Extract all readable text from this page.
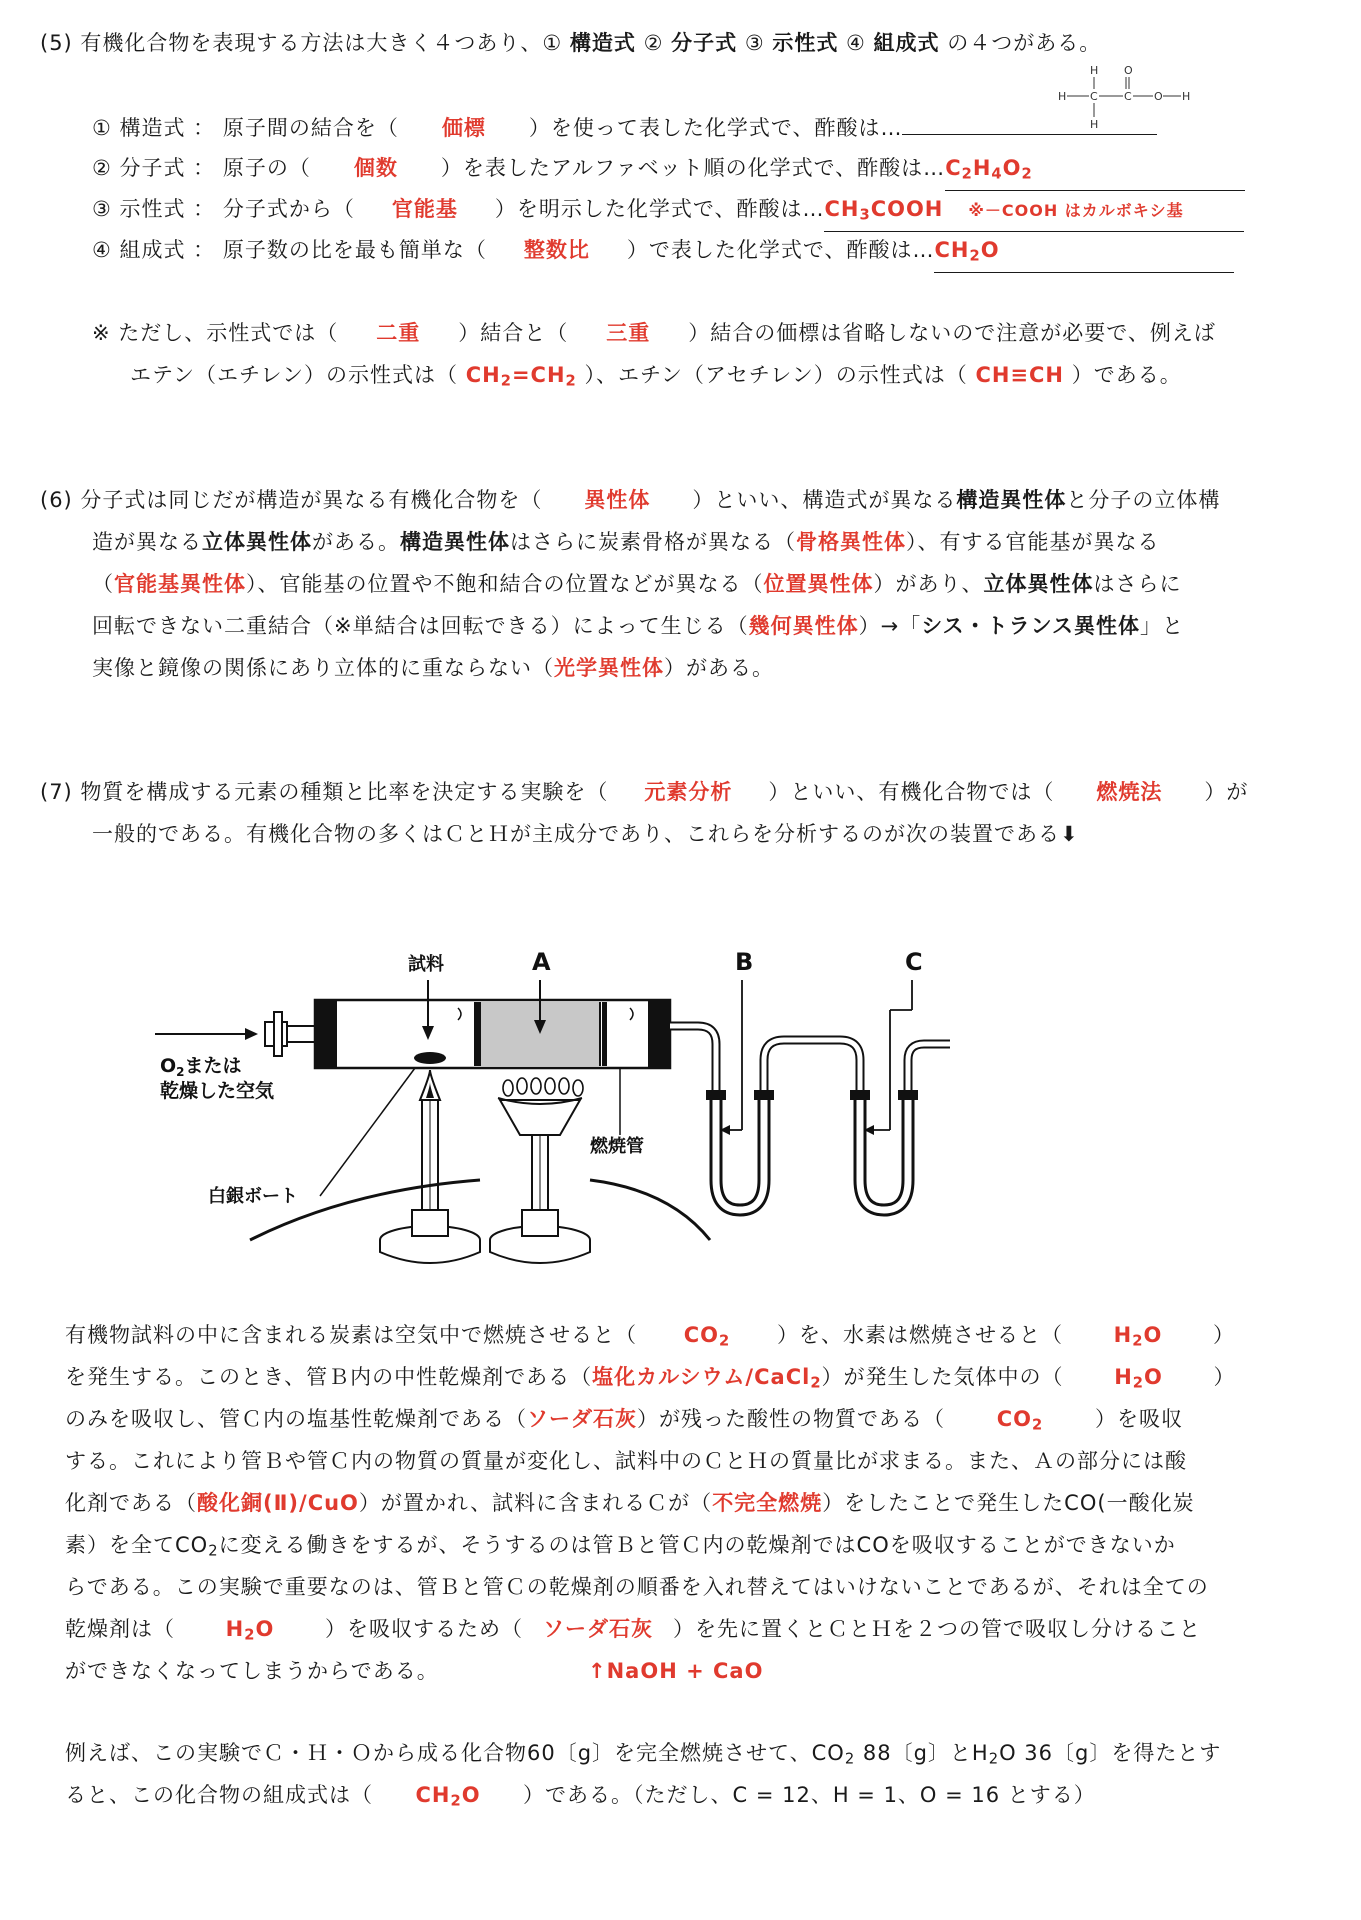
(5) 有機化合物を表現する方法は大きく４つあり、① 構造式 ② 分子式 ③ 示性式 ④ 組成式 の４つがある。
H O
H C C O H
H
① 構造式 ： 原子間の結合を（ 価標 ）を使って表した化学式で、酢酸は…
② 分子式 ： 原子の（ 個数 ）を表したアルファベット順の化学式で、酢酸は$\dots C_2H_4O_2$
③ 示性式 ： 分子式から（ 官能基 ）を明示した化学式で、酢酸は$\dots CH_3COOH$ ※－COOH はカルボキシ基
④ 組成式 ： 原子数の比を最も簡単な（ 整数比 ）で表した化学式で、酢酸は$\dots CH_2O$
※ ただし、示性式では（ 二重 ）結合と（ 三重 ）結合の価標は省略しないので注意が必要で、例えば
エテン（エチレン）の示性式は（ $CH_2=CH_2$ ）、エチン（アセチレン）の示性式は（ CH≡CH ）である。
(6) 分子式は同じだが構造が異なる有機化合物を（ 異性体 ）といい、構造式が異なる構造異性体と分子の立体構
造が異なる立体異性体がある。構造異性体はさらに炭素骨格が異なる（骨格異性体）、有する官能基が異なる
（官能基異性体）、官能基の位置や不飽和結合の位置などが異なる（位置異性体）があり、立体異性体はさらに
回転できない二重結合（※単結合は回転できる）によって生じる（幾何異性体）→「シス・トランス異性体」と
実像と鏡像の関係にあり立体的に重ならない（光学異性体）がある。
(7) 物質を構成する元素の種類と比率を決定する実験を（ 元素分析 ）といい、有機化合物では（ 燃焼法 ）が
一般的である。有機化合物の多くはＣとＨが主成分であり、これらを分析するのが次の装置である⬇
試料	A	B	C
$O_2$または
乾燥した空気
白銀ボート
燃焼管
有機物試料の中に含まれる炭素は空気中で燃焼させると（ $CO_2$ ）を、水素は燃焼させると（ $H_2O$ ）
を発生する。このとき、管Ｂ内の中性乾燥剤である（塩化カルシウム/CaCl$_2$）が発生した気体中の（ $H_2O$ ）
のみを吸収し、管Ｃ内の塩基性乾燥剤である（ソーダ石灰）が残った酸性の物質である（ $CO_2$ ）を吸収
する。これにより管Ｂや管Ｃ内の物質の質量が変化し、試料中のＣとＨの質量比が求まる。また、Ａの部分には酸
化剤である（酸化銅(Ⅱ)/CuO）が置かれ、試料に含まれるＣが（不完全燃焼）をしたことで発生したCO(一酸化炭
素）を全て$CO_2$に変える働きをするが、そうするのは管Ｂと管Ｃ内の乾燥剤ではCOを吸収することができないか
らである。この実験で重要なのは、管Ｂと管Ｃの乾燥剤の順番を入れ替えてはいけないことであるが、それは全ての
乾燥剤は（ $H_2O$ ）を吸収するため（ ソーダ石灰 ）を先に置くとＣとＨを２つの管で吸収し分けること
ができなくなってしまうからである。	↑NaOH + CaO
例えば、この実験でＣ・Ｈ・Ｏから成る化合物60〔g〕を完全燃焼させて、$CO_2$ 88〔g〕と$H_2O$ 36〔g〕を得たとす
ると、この化合物の組成式は（ $CH_2O$ ）である。（ただし、C = 12、H = 1、O = 16 とする）
